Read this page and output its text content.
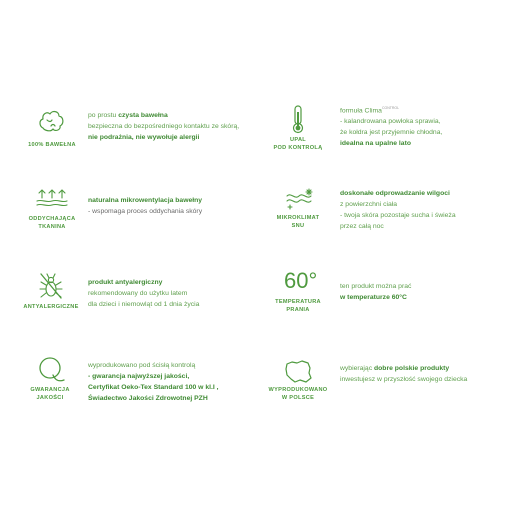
100% BAWEŁNA
po prostu czysta bawełna
bezpieczna do bezpośredniego kontaktu ze skórą,
nie podrażnia, nie wywołuje alergii	UPAL
POD KONTROLĄ
formuła Clima$^{CONTROL}$
- kalandrowana powłoka sprawia,
że kołdra jest przyjemnie chłodna,
idealna na upalne lato
ODDYCHAJĄCA
TKANINA
naturalna mikrowentylacja bawełny
- wspomaga proces oddychania skóry
MIKROKLIMAT
SNU
doskonałe odprowadzanie wilgoci
z powierzchni ciała
- twoja skóra pozostaje sucha i świeża
przez całą noc
ANTYALERGICZNE
produkt antyalergiczny
rekomendowany do użytku latem
dla dzieci i niemowląt od 1 dnia życia
60°
TEMPERATURA
PRANIA
ten produkt można prać
w temperaturze 60°C
GWARANCJA
JAKOŚCI
wyprodukowano pod ścisłą kontrolą
- gwarancja najwyższej jakości,
Certyfikat Oeko-Tex Standard 100 w kl.I ,
Świadectwo Jakości Zdrowotnej PZH
WYPRODUKOWANO
W POLSCE
wybierając dobre polskie produkty
inwestujesz w przyszłość swojego dziecka
